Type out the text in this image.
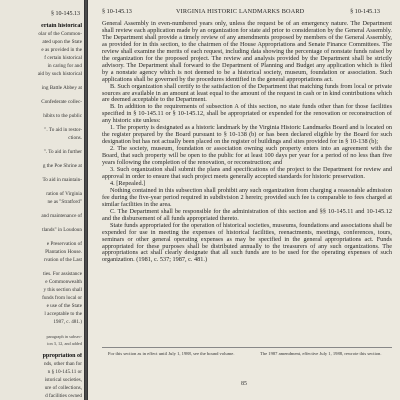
§ 10-145.13
ertain historical
olar of the Common-
ated upon the State
e as provided in the
f certain historical
in caring for and
aid by such historical
ing Battle Abbey at
Confederate collec-
hibits to the public
". To aid in restor-
ctions.
". To aid in further
g the Poe Shrine at
To aid in maintain-
ration of Virginia
ne as "Stratford"
and maintenance of
tlands" in Loudoun
e Preservation of
Plantation House.
rvation of the Last
ties. For assistance
e Commonwealth
y this section shall
funds from local or
e use of the State
l acceptable to the
1987, c. 481.)
paragraph in subsec-
ion 3, 12, and added
ppropriation of
nds, other than for
n § 10-145.11 or
istorical societies,
ure of collections,
d facilities owned
§ 10-145.13	VIRGINIA HISTORIC LANDMARKS BOARD	§ 10-145.13

General Assembly in even-numbered years only, unless the request be of an emergency nature. The Department shall review each application made by an organization for state aid prior to consideration by the General Assembly. The Department shall provide a timely review of any amendments proposed by members of the General Assembly, as provided for in this section, to the chairmen of the House Appropriations and Senate Finance Committees. The review shall examine the merits of each request, including data showing the percentage of nonstate funds raised by the organization for the proposed project. The review and analysis provided by the Department shall be strictly advisory. The Department shall forward to the Department of Planning and Budget any application which is filed by a nonstate agency which is not deemed to be a historical society, museum, foundation or association. Such applications shall be governed by the procedures identified in the general appropriations act.

B. Such organization shall certify to the satisfaction of the Department that matching funds from local or private sources are available in an amount at least equal to the amount of the request in cash or in kind contributions which are deemed acceptable to the Department.

B. In addition to the requirements of subsection A of this section, no state funds other than for those facilities specified in § 10-145.11 or § 10-145.12, shall be appropriated or expended for the renovation or reconstruction of any historic site unless:

1. The property is designated as a historic landmark by the Virginia Historic Landmarks Board and is located on the register prepared by the Board pursuant to § 10-138 (b) or has been declared eligible by the Board for such designation but has not actually been placed on the register of buildings and sites provided for in § 10-138 (b);

2. The society, museum, foundation or association owning such property enters into an agreement with the Board, that such property will be open to the public for at least 100 days per year for a period of no less than five years following the completion of the renovation, or reconstruction; and

3. Such organization shall submit the plans and specifications of the project to the Department for review and approval in order to ensure that such project meets generally accepted standards for historic preservation.

4. [Repealed.]

Nothing contained in this subsection shall prohibit any such organization from charging a reasonable admission fee during the five-year period required in subdivision 2 herein; provided such fee is comparable to fees charged at similar facilities in the area.

C. The Department shall be responsible for the administration of this section and §§ 10-145.11 and 10-145.12 and the disbursement of all funds appropriated thereto.

State funds appropriated for the operation of historical societies, museums, foundations and associations shall be expended for use in meeting the expenses of historical facilities, reenactments, meetings, conferences, tours, seminars or other general operating expenses as may be specified in the general appropriations act. Funds appropriated for these purposes shall be distributed annually to the treasurers of any such organizations. The appropriations act shall clearly designate that all such funds are to be used for the operating expenses of such organization. (1981, c. 537; 1987, c. 481.)

For this section as in effect until July 1, 1988, see the bound volume.	The 1987 amendment, effective July 1, 1988, rewrote this section.
85
